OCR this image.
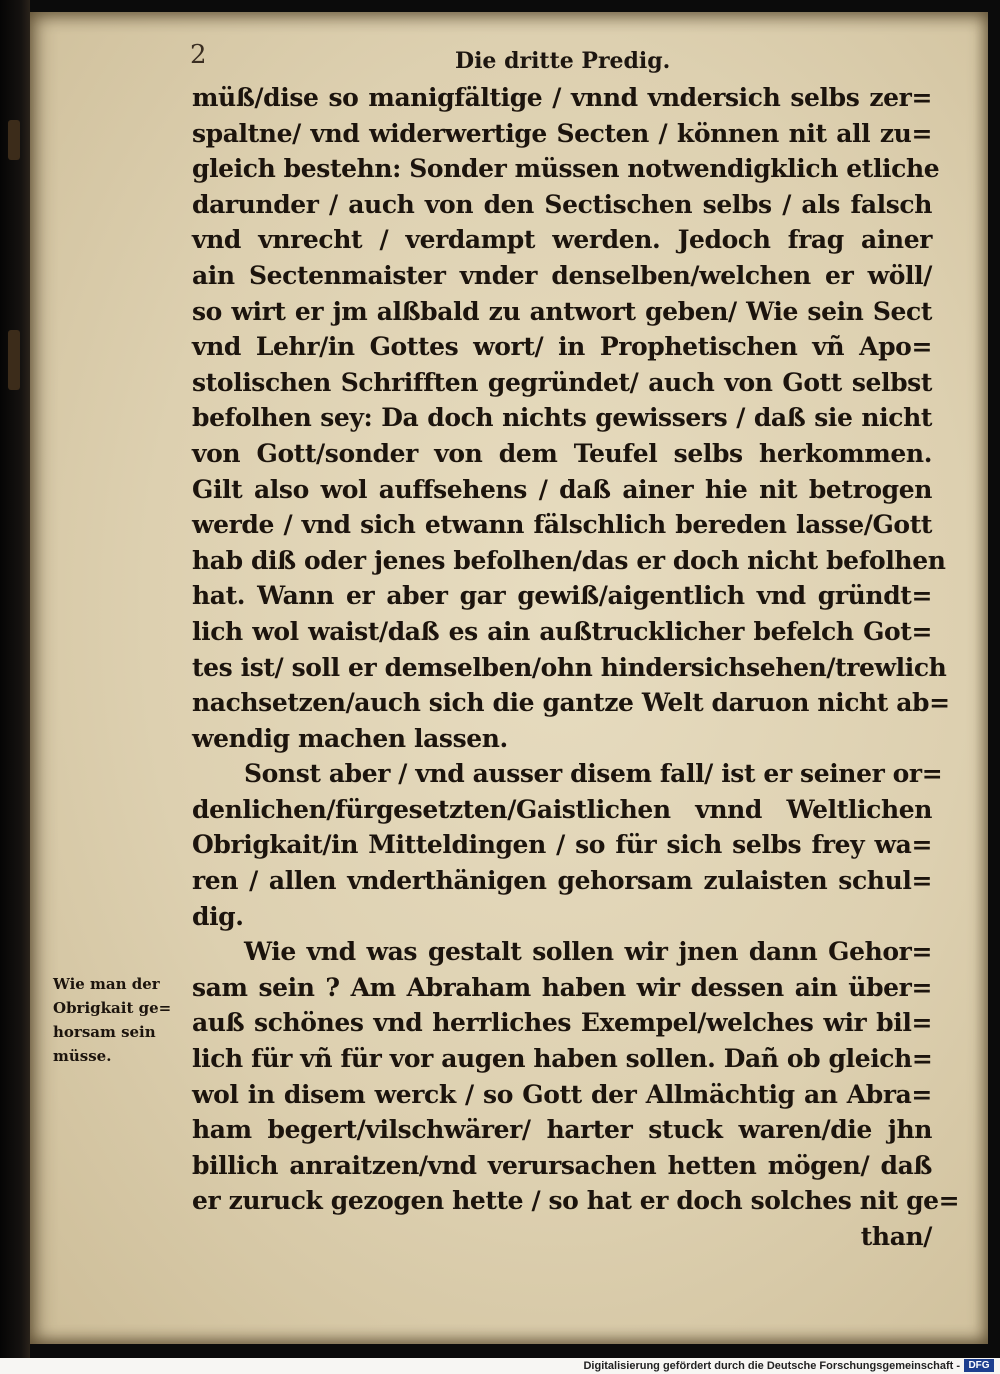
2	Die dritte Predig.
müß/dise so manigfältige / vnnd vndersich selbs zer=
spaltne/ vnd widerwertige Secten / können nit all zu=
gleich bestehn: Sonder müssen notwendigklich etliche
darunder / auch von den Sectischen selbs / als falsch
vnd vnrecht / verdampt werden. Jedoch frag ainer
ain Sectenmaister vnder denselben/welchen er wöll/
so wirt er jm alßbald zu antwort geben/ Wie sein Sect
vnd Lehr/in Gottes wort/ in Prophetischen vñ Apo=
stolischen Schrifften gegründet/ auch von Gott selbst
befolhen sey: Da doch nichts gewissers / daß sie nicht
von Gott/sonder von dem Teufel selbs herkommen.
Gilt also wol auffsehens / daß ainer hie nit betrogen
werde / vnd sich etwann fälschlich bereden lasse/Gott
hab diß oder jenes befolhen/das er doch nicht befolhen
hat. Wann er aber gar gewiß/aigentlich vnd gründt=
lich wol waist/daß es ain außtrucklicher befelch Got=
tes ist/ soll er demselben/ohn hindersichsehen/trewlich
nachsetzen/auch sich die gantze Welt daruon nicht ab=
wendig machen lassen.
Sonst aber / vnd ausser disem fall/ ist er seiner or=
denlichen/fürgesetzten/Gaistlichen vnnd Weltlichen
Obrigkait/in Mitteldingen / so für sich selbs frey wa=
ren / allen vnderthänigen gehorsam zulaisten schul=
dig.
Wie vnd was gestalt sollen wir jnen dann Gehor=
sam sein ? Am Abraham haben wir dessen ain über=
auß schönes vnd herrliches Exempel/welches wir bil=
lich für vñ für vor augen haben sollen. Dañ ob gleich=
wol in disem werck / so Gott der Allmächtig an Abra=
ham begert/vilschwärer/ harter stuck waren/die jhn
billich anraitzen/vnd verursachen hetten mögen/ daß
er zuruck gezogen hette / so hat er doch solches nit ge=
than/
Wie man der
Obrigkait ge=
horsam sein
müsse.
Digitalisierung gefördert durch die Deutsche Forschungsgemeinschaft - DFG
